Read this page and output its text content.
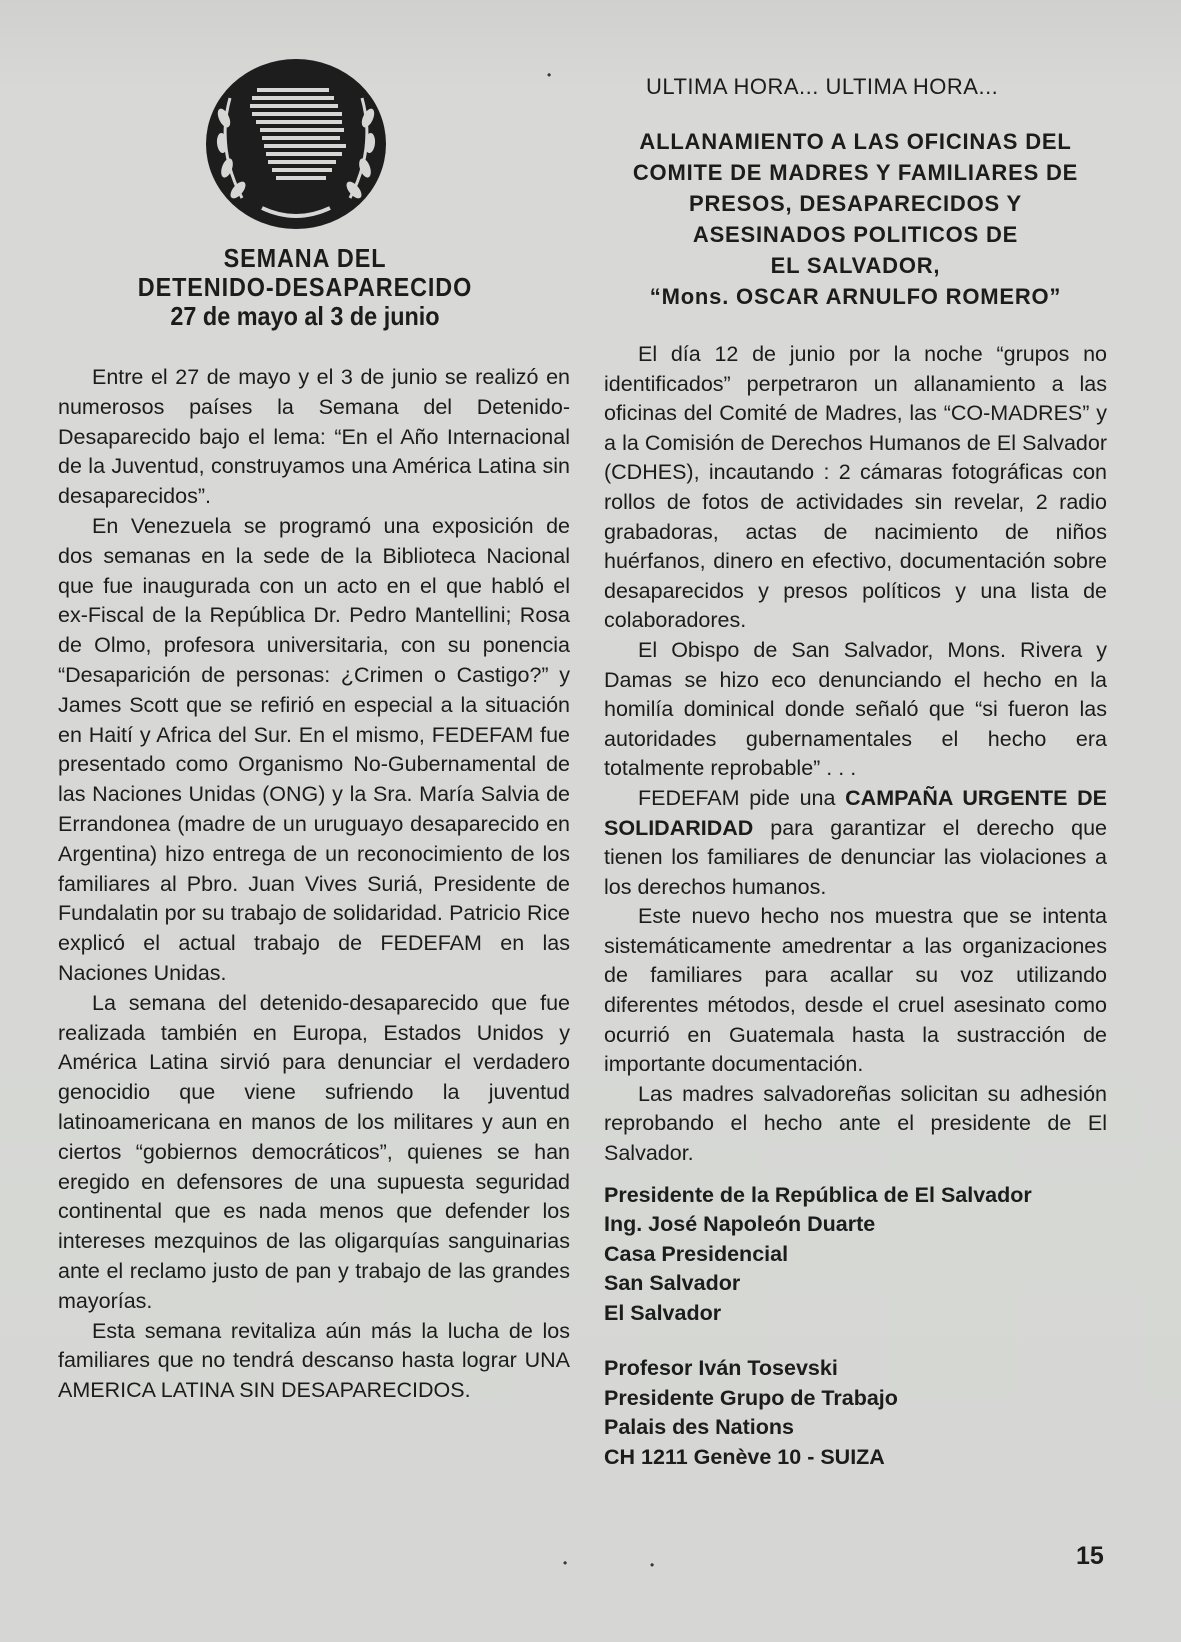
•
SEMANA DEL
DETENIDO-DESAPARECIDO
27 de mayo al 3 de junio

Entre el 27 de mayo y el 3 de junio se realizó en numerosos países la Semana del Detenido-Desaparecido bajo el lema: “En el Año Internacional de la Juventud, construyamos una América Latina sin desaparecidos”.

En Venezuela se programó una exposición de dos semanas en la sede de la Biblioteca Nacional que fue inaugurada con un acto en el que habló el ex-Fiscal de la República Dr. Pedro Mantellini; Rosa de Olmo, profesora universitaria, con su ponencia “Desaparición de personas: ¿Crimen o Castigo?” y James Scott que se refirió en especial a la situación en Haití y Africa del Sur. En el mismo, FEDEFAM fue presentado como Organismo No-Gubernamental de las Naciones Unidas (ONG) y la Sra. María Salvia de Errandonea (madre de un uruguayo desaparecido en Argentina) hizo entrega de un reconocimiento de los familiares al Pbro. Juan Vives Suriá, Presidente de Fundalatin por su trabajo de solidaridad. Patricio Rice explicó el actual trabajo de FEDEFAM en las Naciones Unidas.

La semana del detenido-desaparecido que fue realizada también en Europa, Estados Unidos y América Latina sirvió para denunciar el verdadero genocidio que viene sufriendo la juventud latinoamericana en manos de los militares y aun en ciertos “gobiernos democráticos”, quienes se han eregido en defensores de una supuesta seguridad continental que es nada menos que defender los intereses mezquinos de las oligarquías sanguinarias ante el reclamo justo de pan y trabajo de las grandes mayorías.

Esta semana revitaliza aún más la lucha de los familiares que no tendrá descanso hasta lograr UNA AMERICA LATINA SIN DESAPARECIDOS.

ULTIMA HORA... ULTIMA HORA...
ALLANAMIENTO A LAS OFICINAS DEL
COMITE DE MADRES Y FAMILIARES DE
PRESOS, DESAPARECIDOS Y
ASESINADOS POLITICOS DE
EL SALVADOR,
“Mons. OSCAR ARNULFO ROMERO”

El día 12 de junio por la noche “grupos no identificados” perpetraron un allanamiento a las oficinas del Comité de Madres, las “CO-MADRES” y a la Comisión de Derechos Humanos de El Salvador (CDHES), incautando : 2 cámaras fotográficas con rollos de fotos de actividades sin revelar, 2 radio grabadoras, actas de nacimiento de niños huérfanos, dinero en efectivo, documentación sobre desaparecidos y presos políticos y una lista de colaboradores.

El Obispo de San Salvador, Mons. Rivera y Damas se hizo eco denunciando el hecho en la homilía dominical donde señaló que “si fueron las autoridades gubernamentales el hecho era totalmente reprobable” . . .

FEDEFAM pide una CAMPAÑA URGENTE DE SOLIDARIDAD para garantizar el derecho que tienen los familiares de denunciar las violaciones a los derechos humanos.

Este nuevo hecho nos muestra que se intenta sistemáticamente amedrentar a las organizaciones de familiares para acallar su voz utilizando diferentes métodos, desde el cruel asesinato como ocurrió en Guatemala hasta la sustracción de importante documentación.

Las madres salvadoreñas solicitan su adhesión reprobando el hecho ante el presidente de El Salvador.

Presidente de la República de El Salvador
Ing. José Napoleón Duarte
Casa Presidencial
San Salvador
El Salvador
Profesor Iván Tosevski
Presidente Grupo de Trabajo
Palais des Nations
CH 1211 Genève 10 - SUIZA
•	•	15
